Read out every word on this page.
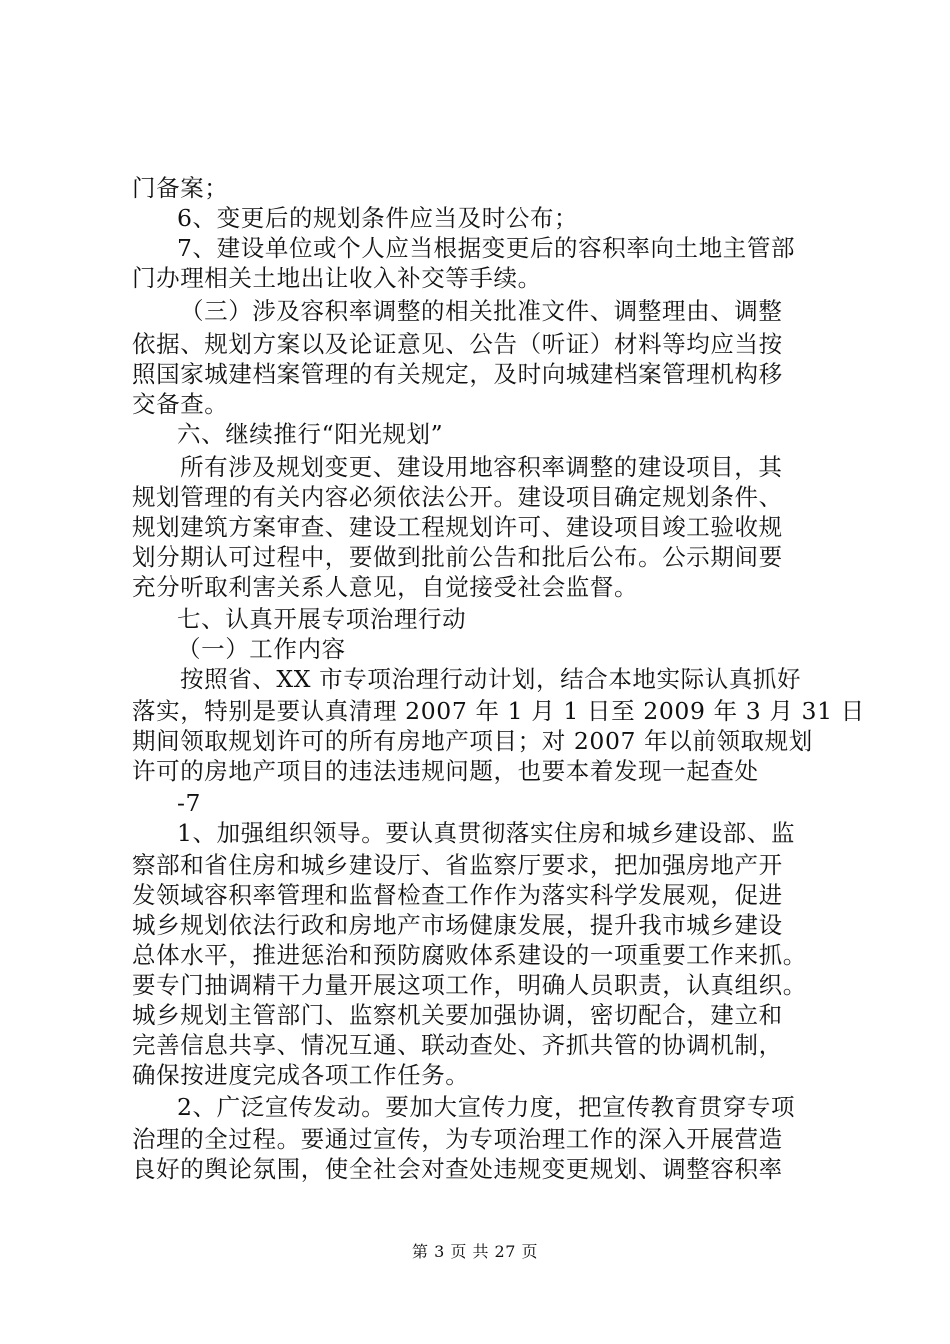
门备案；
6、变更后的规划条件应当及时公布；
7、建设单位或个人应当根据变更后的容积率向土地主管部
门办理相关土地出让收入补交等手续。
（三）涉及容积率调整的相关批准文件、调整理由、调整
依据、规划方案以及论证意见、公告（听证）材料等均应当按
照国家城建档案管理的有关规定，及时向城建档案管理机构移
交备查。
六、继续推行“阳光规划”
所有涉及规划变更、建设用地容积率调整的建设项目，其
规划管理的有关内容必须依法公开。建设项目确定规划条件、
规划建筑方案审查、建设工程规划许可、建设项目竣工验收规
划分期认可过程中，要做到批前公告和批后公布。公示期间要
充分听取利害关系人意见，自觉接受社会监督。
七、认真开展专项治理行动
（一）工作内容
按照省、XX 市专项治理行动计划，结合本地实际认真抓好
落实，特别是要认真清理 2007 年 1 月 1 日至 2009 年 3 月 31 日
期间领取规划许可的所有房地产项目；对 2007 年以前领取规划
许可的房地产项目的违法违规问题，也要本着发现一起查处
-7
1、加强组织领导。要认真贯彻落实住房和城乡建设部、监
察部和省住房和城乡建设厅、省监察厅要求，把加强房地产开
发领域容积率管理和监督检查工作作为落实科学发展观，促进
城乡规划依法行政和房地产市场健康发展，提升我市城乡建设
总体水平，推进惩治和预防腐败体系建设的一项重要工作来抓。
要专门抽调精干力量开展这项工作，明确人员职责，认真组织。
城乡规划主管部门、监察机关要加强协调，密切配合，建立和
完善信息共享、情况互通、联动查处、齐抓共管的协调机制，
确保按进度完成各项工作任务。
2、广泛宣传发动。要加大宣传力度，把宣传教育贯穿专项
治理的全过程。要通过宣传，为专项治理工作的深入开展营造
良好的舆论氛围，使全社会对查处违规变更规划、调整容积率
第 3 页 共 27 页
